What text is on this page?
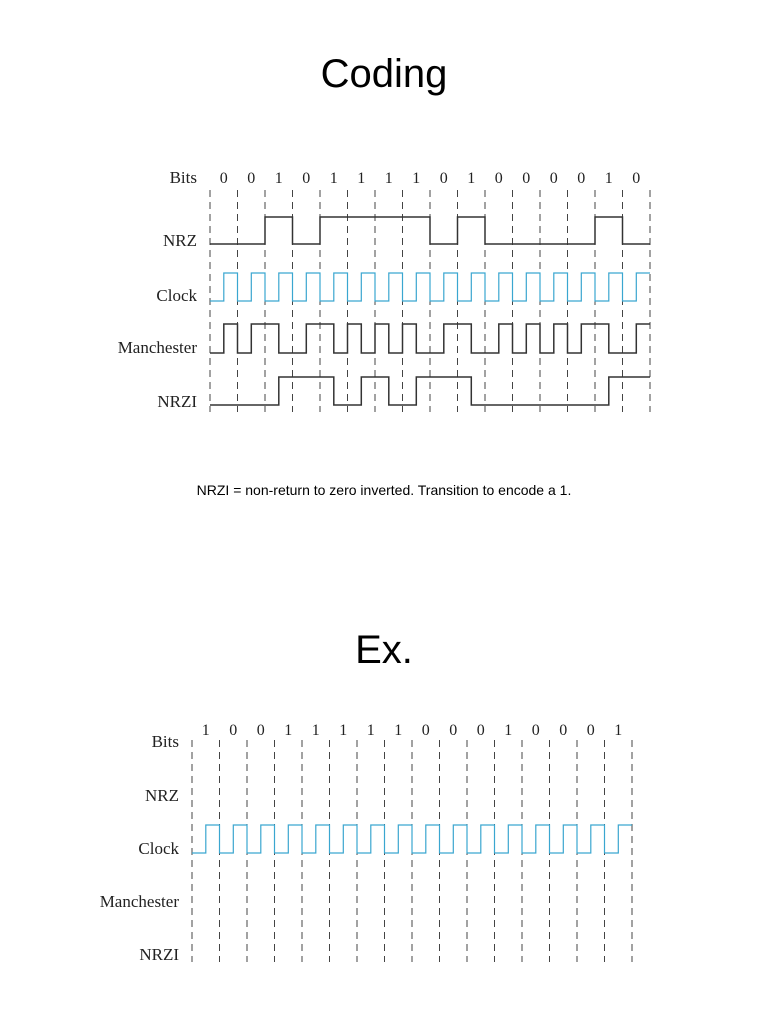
Coding
Bits
NRZ
Clock
Manchester
NRZI
0 0 1 0 1 1 1 1 0 1 0 0 0 0 1 0
NRZI = non-return to zero inverted. Transition to encode a 1.
Ex.
Bits
NRZ
Clock
Manchester
NRZI
1 0 0 1 1 1 1 1 0 0 0 1 0 0 0 1
